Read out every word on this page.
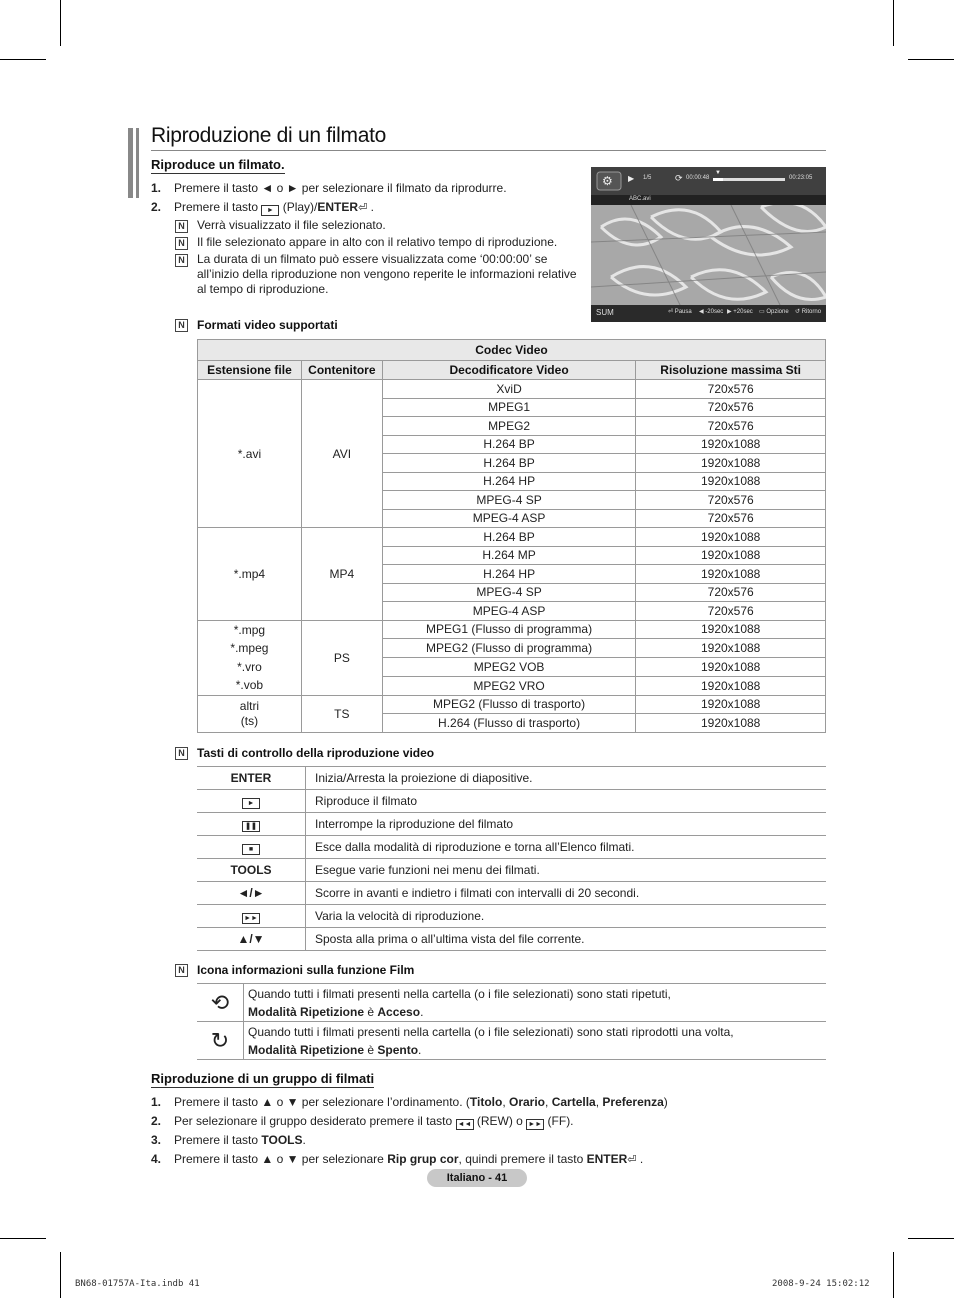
Riproduzione di un filmato
Riproduce un filmato.
1. Premere il tasto ◄ o ► per selezionare il filmato da riprodurre.
2. Premere il tasto ► (Play)/ENTER⏎ .
N Verrà visualizzato il file selezionato.
N Il file selezionato appare in alto con il relativo tempo di riproduzione.
N La durata di un filmato può essere visualizzata come ‘00:00:00’ se
all’inizio della riproduzione non vengono reperite le informazioni relative
al tempo di riproduzione.
⚙ ▶ 1/5	⟳ 00:00:48
▼
00:23:05
ABC.avi
SUM	⏎ Pausa ◀ -20sec ▶ +20sec ▭ Opzione ↺ Ritorno
N Formati video supportati
Codec Video			
Estensione file	Contenitore	Decodificatore Video	Risoluzione massima Sti
*.avi	AVI	XviD	720x576
		MPEG1	720x576
		MPEG2	720x576
		H.264 BP	1920x1088
		H.264 BP	1920x1088
		H.264 HP	1920x1088
		MPEG-4 SP	720x576
		MPEG-4 ASP	720x576
*.mp4	MP4	H.264 BP	1920x1088
		H.264 MP	1920x1088
		H.264 HP	1920x1088
		MPEG-4 SP	720x576
		MPEG-4 ASP	720x576

*.mpg
*.mpeg
*.vro
*.vob	PS	MPEG1 (Flusso di programma)	1920x1088
		MPEG2 (Flusso di programma)	1920x1088
		MPEG2 VOB	1920x1088
		MPEG2 VRO	1920x1088

altri
(ts)	TS	MPEG2 (Flusso di trasporto)	1920x1088
		H.264 (Flusso di trasporto)	1920x1088
N Tasti di controllo della riproduzione video
ENTER	Inizia/Arresta la proiezione di diapositive.
►	Riproduce il filmato
❚❚	Interrompe la riproduzione del filmato
■	Esce dalla modalità di riproduzione e torna all’Elenco filmati.
TOOLS	Esegue varie funzioni nei menu dei filmati.
◄/►	Scorre in avanti e indietro i filmati con intervalli di 20 secondi.
►►	Varia la velocità di riproduzione.
▲/▼	Sposta alla prima o all’ultima vista del file corrente.
N Icona informazioni sulla funzione Film
⟲	Quando tutti i filmati presenti nella cartella (o i file selezionati) sono stati ripetuti,
Modalità Ripetizione è Acceso.

↻	Quando tutti i filmati presenti nella cartella (o i file selezionati) sono stati riprodotti una volta,
Modalità Ripetizione è Spento.
Riproduzione di un gruppo di filmati
1. Premere il tasto ▲ o ▼ per selezionare l’ordinamento. (Titolo, Orario, Cartella, Preferenza)
2. Per selezionare il gruppo desiderato premere il tasto ◄◄ (REW) o ►► (FF).
3. Premere il tasto TOOLS.
4. Premere il tasto ▲ o ▼ per selezionare Rip grup cor, quindi premere il tasto ENTER⏎ .
Italiano - 41
BN68-01757A-Ita.indb 41	2008-9-24 15:02:12
